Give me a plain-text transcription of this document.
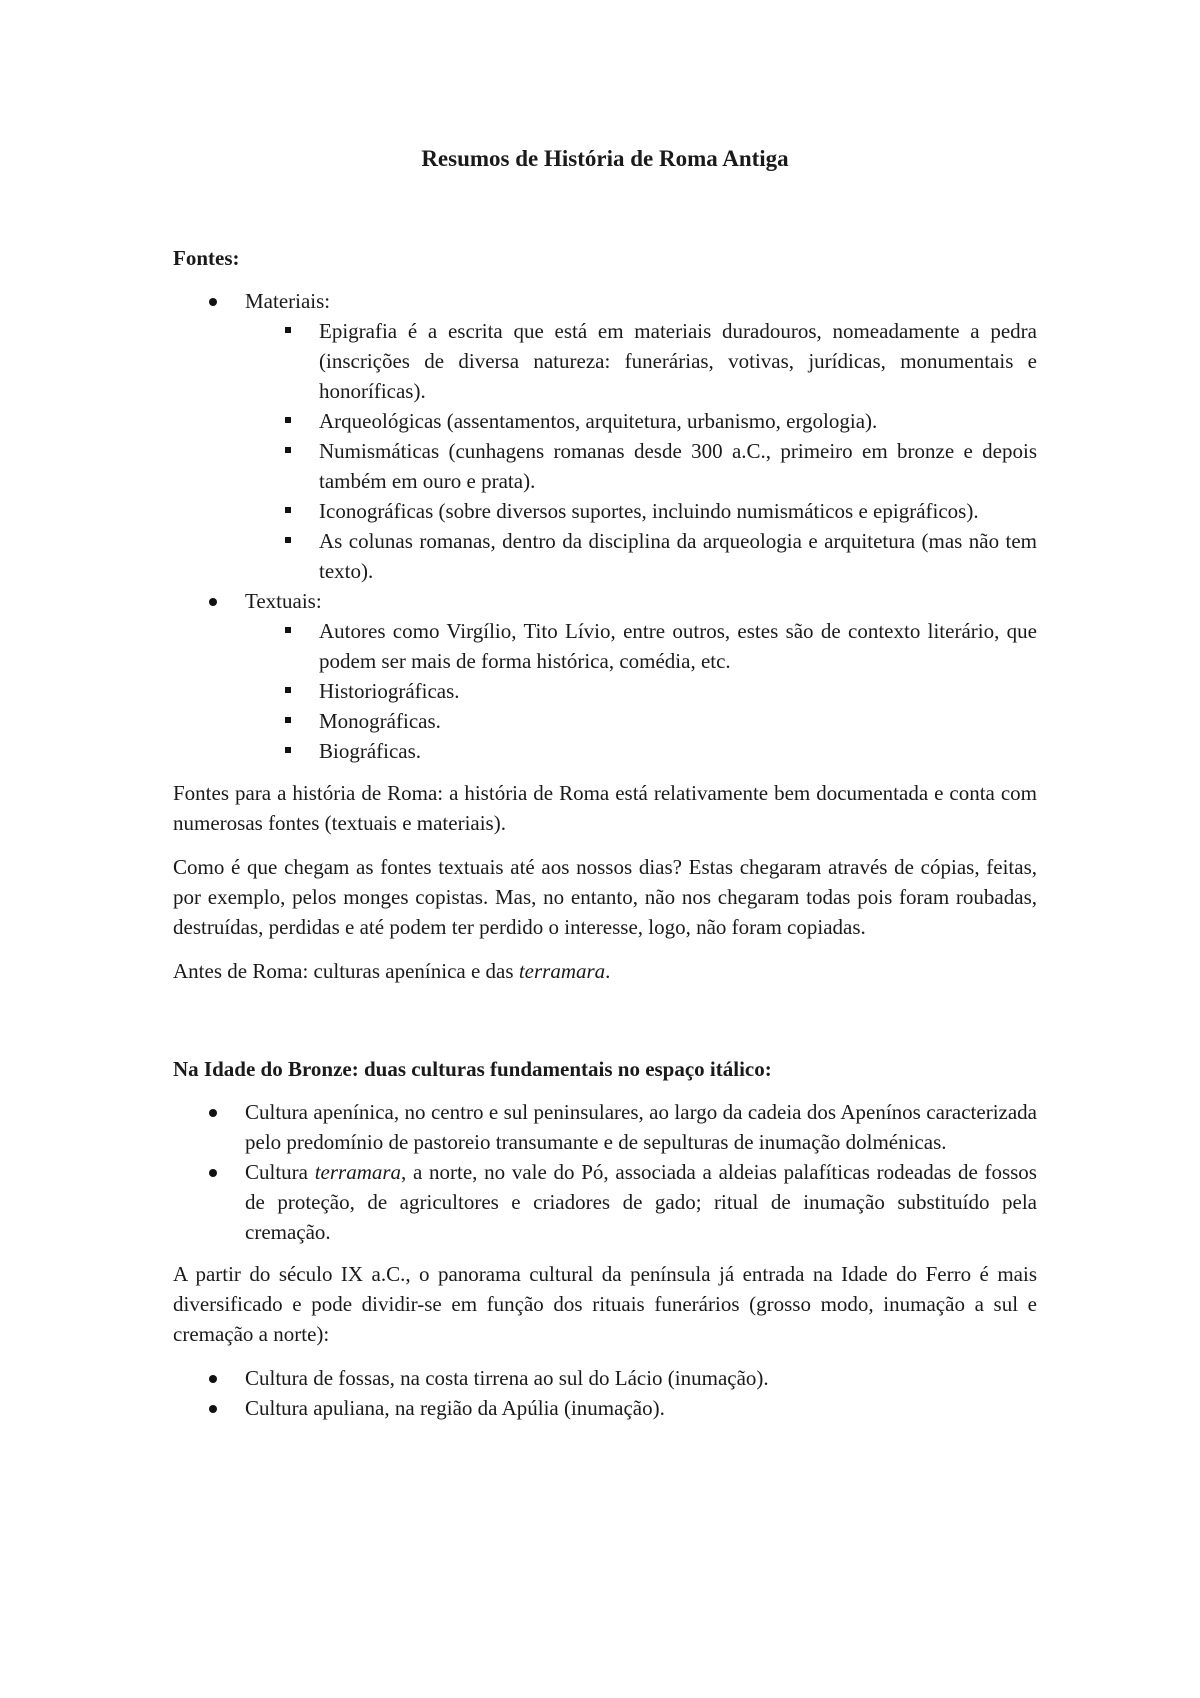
Resumos de História de Roma Antiga
Fontes:
Materiais:
Epigrafia é a escrita que está em materiais duradouros, nomeadamente a pedra (inscrições de diversa natureza: funerárias, votivas, jurídicas, monumentais e honoríficas).
Arqueológicas (assentamentos, arquitetura, urbanismo, ergologia).
Numismáticas (cunhagens romanas desde 300 a.C., primeiro em bronze e depois também em ouro e prata).
Iconográficas (sobre diversos suportes, incluindo numismáticos e epigráficos).
As colunas romanas, dentro da disciplina da arqueologia e arquitetura (mas não tem texto).
Textuais:
Autores como Virgílio, Tito Lívio, entre outros, estes são de contexto literário, que podem ser mais de forma histórica, comédia, etc.
Historiográficas.
Monográficas.
Biográficas.

Fontes para a história de Roma: a história de Roma está relativamente bem documentada e conta com numerosas fontes (textuais e materiais).

Como é que chegam as fontes textuais até aos nossos dias? Estas chegaram através de cópias, feitas, por exemplo, pelos monges copistas. Mas, no entanto, não nos chegaram todas pois foram roubadas, destruídas, perdidas e até podem ter perdido o interesse, logo, não foram copiadas.

Antes de Roma: culturas apenínica e das terramara.

Na Idade do Bronze: duas culturas fundamentais no espaço itálico:
Cultura apenínica, no centro e sul peninsulares, ao largo da cadeia dos Apenínos caracterizada pelo predomínio de pastoreio transumante e de sepulturas de inumação dolménicas.
Cultura terramara, a norte, no vale do Pó, associada a aldeias palafíticas rodeadas de fossos de proteção, de agricultores e criadores de gado; ritual de inumação substituído pela cremação.

A partir do século IX a.C., o panorama cultural da península já entrada na Idade do Ferro é mais diversificado e pode dividir-se em função dos rituais funerários (grosso modo, inumação a sul e cremação a norte):

Cultura de fossas, na costa tirrena ao sul do Lácio (inumação).
Cultura apuliana, na região da Apúlia (inumação).
